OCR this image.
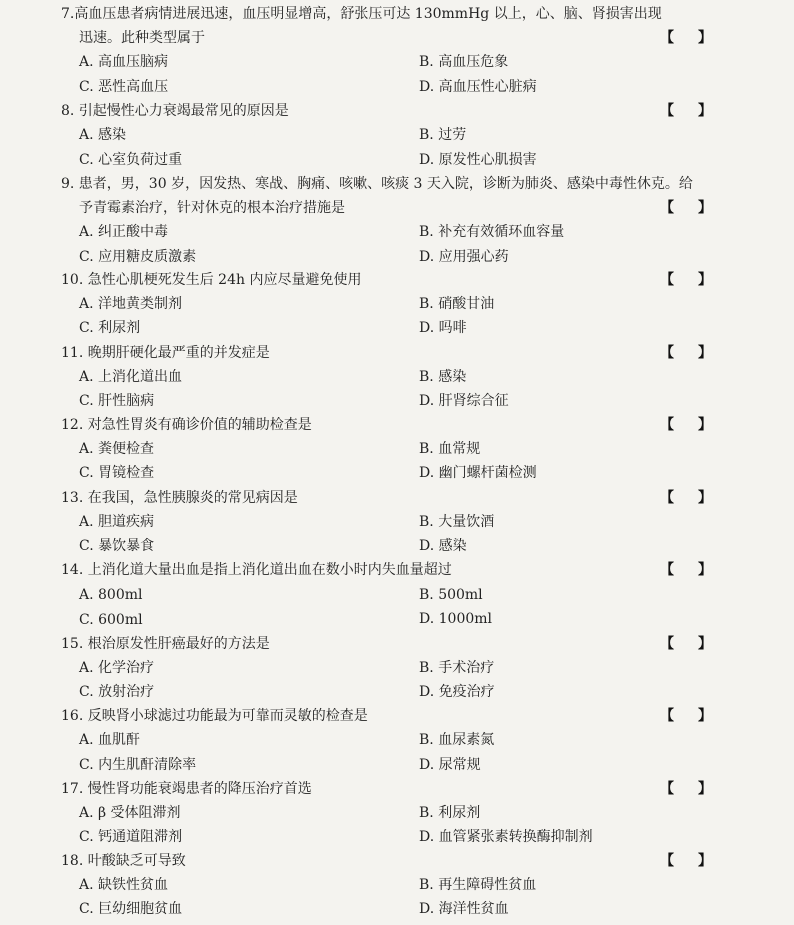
7.高血压患者病情进展迅速，血压明显增高，舒张压可达 130mmHg 以上，心、脑、肾损害出现
迅速。此种类型属于	【 】
A. 高血压脑病	B. 高血压危象
C. 恶性高血压	D. 高血压性心脏病
8. 引起慢性心力衰竭最常见的原因是	【 】
A. 感染	B. 过劳
C. 心室负荷过重	D. 原发性心肌损害
9. 患者，男，30 岁，因发热、寒战、胸痛、咳嗽、咳痰 3 天入院，诊断为肺炎、感染中毒性休克。给
予青霉素治疗，针对休克的根本治疗措施是	【 】
A. 纠正酸中毒	B. 补充有效循环血容量
C. 应用糖皮质激素	D. 应用强心药
10. 急性心肌梗死发生后 24h 内应尽量避免使用	【 】
A. 洋地黄类制剂	B. 硝酸甘油
C. 利尿剂	D. 吗啡
11. 晚期肝硬化最严重的并发症是	【 】
A. 上消化道出血	B. 感染
C. 肝性脑病	D. 肝肾综合征
12. 对急性胃炎有确诊价值的辅助检查是	【 】
A. 粪便检查	B. 血常规
C. 胃镜检查	D. 幽门螺杆菌检测
13. 在我国，急性胰腺炎的常见病因是	【 】
A. 胆道疾病	B. 大量饮酒
C. 暴饮暴食	D. 感染
14. 上消化道大量出血是指上消化道出血在数小时内失血量超过	【 】
A. 800ml	B. 500ml
C. 600ml	D. 1000ml
15. 根治原发性肝癌最好的方法是	【 】
A. 化学治疗	B. 手术治疗
C. 放射治疗	D. 免疫治疗
16. 反映肾小球滤过功能最为可靠而灵敏的检查是	【 】
A. 血肌酐	B. 血尿素氮
C. 内生肌酐清除率	D. 尿常规
17. 慢性肾功能衰竭患者的降压治疗首选	【 】
A. β 受体阻滞剂	B. 利尿剂
C. 钙通道阻滞剂	D. 血管紧张素转换酶抑制剂
18. 叶酸缺乏可导致	【 】
A. 缺铁性贫血	B. 再生障碍性贫血
C. 巨幼细胞贫血	D. 海洋性贫血
